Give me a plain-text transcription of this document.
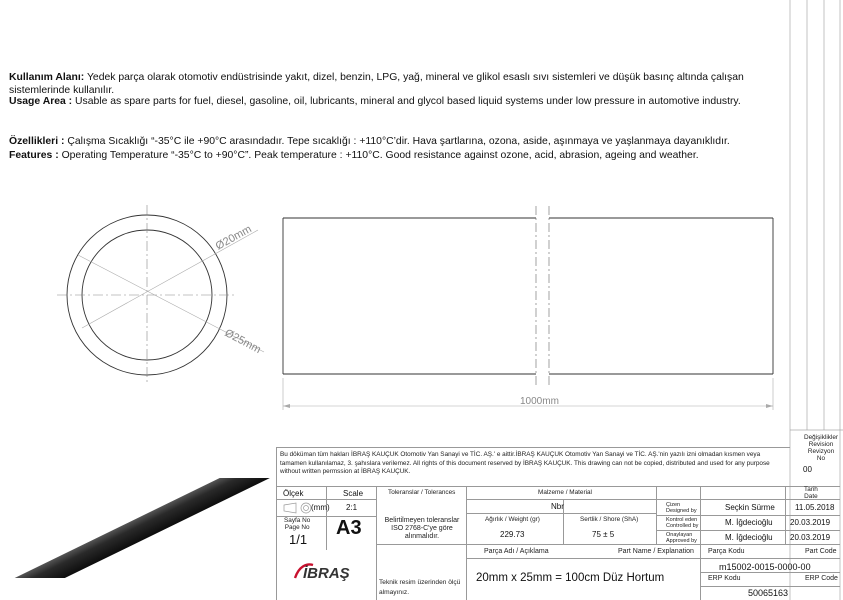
Kullanım Alanı: Yedek parça olarak otomotiv endüstrisinde yakıt, dizel, benzin, LPG, yağ, mineral ve glikol esaslı sıvı sistemleri ve düşük basınç altında çalışan sistemlerinde kullanılır.
Usage Area : Usable as spare parts for fuel, diesel, gasoline, oil, lubricants, mineral and glycol based liquid systems under low pressure in automotive industry.
Özellikleri : Çalışma Sıcaklığı “-35°C ile +90°C arasındadır. Tepe sıcaklığı : +110°C’dir. Hava şartlarına, ozona, aside, aşınmaya ve yaşlanmaya dayanıklıdır.
Features : Operating Temperature “-35°C to +90°C”. Peak temperature : +110°C. Good resistance against ozone, acid, abrasion, ageing and weather.
Ø20mm
Ø25mm
1000mm
Değişiklikler
Revision
Revizyon
No
00
Bu döküman tüm hakları İBRAŞ KAUÇUK Otomotiv Yan Sanayi ve TİC. AŞ.' e aittir.İBRAŞ KAUÇUK Otomotiv Yan Sanayi ve TİC. AŞ.'nin yazılı izni olmadan kısmen veya tamamen kullanılamaz, 3. şahıslara verilemez. All rights of this document reserved by İBRAŞ KAUÇUK. This drawing can not be copied, distributed and used for any purpose without written permssion at İBRAŞ KAUÇUK.
Tarih
Date
Ölçek	Scale
(mm) 2:1
Sayfa No
Page No
1/1
A3
Toleranslar / Tolerances
Belirtilmeyen toleranslar ISO 2768-C'ye göre alınmalıdır.
Malzeme / Material
Nbr
Ağırlık / Weight (gr)
229.73
Sertlik / Shore (ShA)
75 ± 5
Çizen
Designed by	Seçkin Sürme	11.05.2018
Kontrol eden
Controlled by	M. İğdecioğlu 20.03.2019
Onaylayan
Approved by	M. İğdecioğlu 20.03.2019
Parça Adı / Açıklama	Part Name / Explanation Parça Kodu	Part Code
20mm x 25mm = 100cm Düz Hortum
m15002-0015-0000-00
ERP Kodu	ERP Code
50065163
Teknik resim üzerinden ölçü almayınız.
İBRAŞ
